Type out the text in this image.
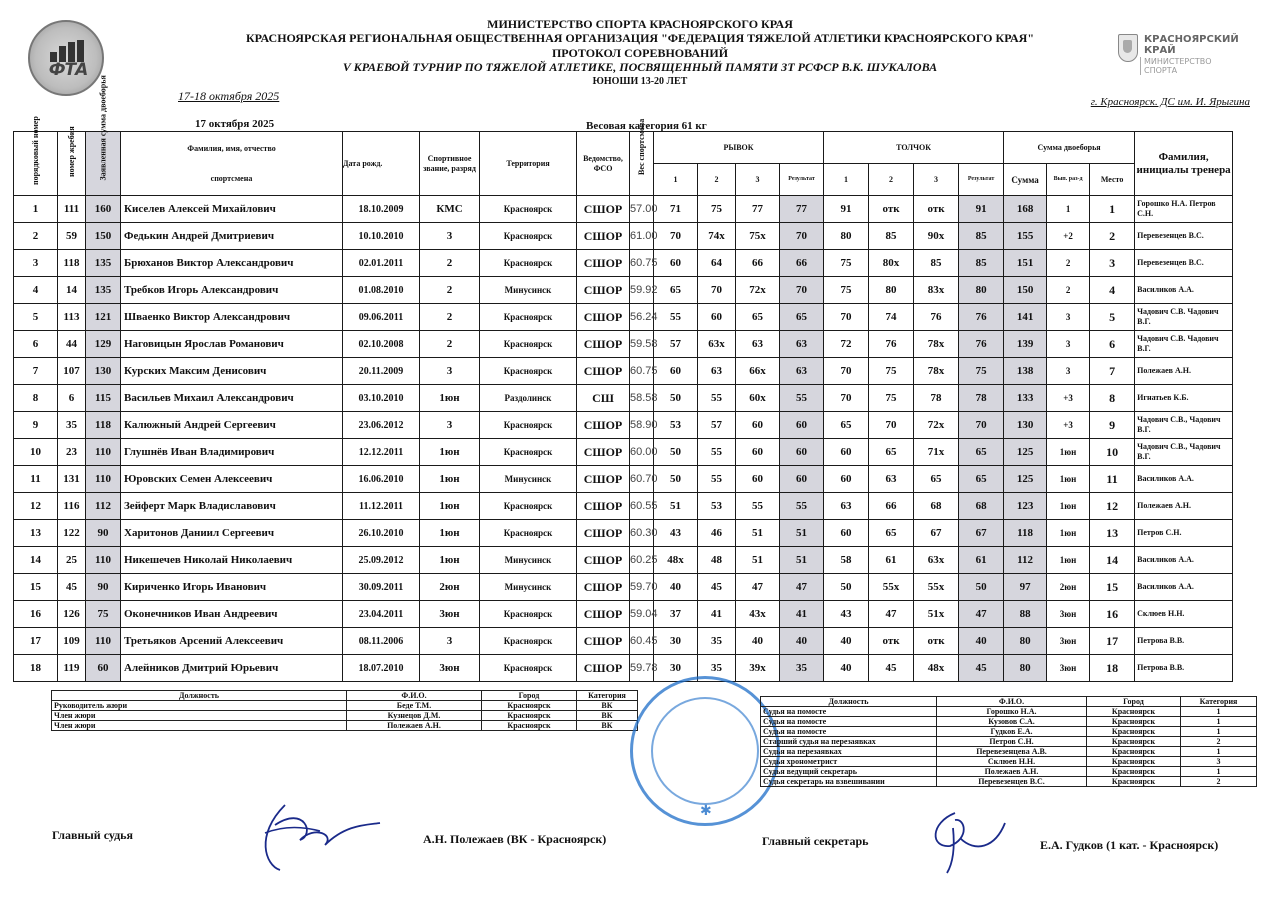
ФТА
КРАСНОЯРСКИЙ
КРАЙ
МИНИСТЕРСТВО
СПОРТА
МИНИСТЕРСТВО СПОРТА КРАСНОЯРСКОГО КРАЯ
КРАСНОЯРСКАЯ РЕГИОНАЛЬНАЯ ОБЩЕСТВЕННАЯ ОРГАНИЗАЦИЯ "ФЕДЕРАЦИЯ ТЯЖЕЛОЙ АТЛЕТИКИ КРАСНОЯРСКОГО КРАЯ"
ПРОТОКОЛ СОРЕВНОВАНИЙ
V КРАЕВОЙ ТУРНИР ПО ТЯЖЕЛОЙ АТЛЕТИКЕ, ПОСВЯЩЕННЫЙ ПАМЯТИ ЗТ РСФСР В.К. ШУКАЛОВА
ЮНОШИ 13-20 ЛЕТ
17-18 октября 2025	г. Красноярск. ДС им. И. Ярыгина
17 октября 2025	Весовая категория 61 кг
порядковый номер	номер жребия	Заявленная сумма двоеборья	Фамилия, имя, отчество

спортсмена	Дата рожд.	Спортивное звание, разряд	Территория	Ведомство, ФСО	Вес спортсмена	РЫВОК				ТОЛЧОК				Сумма двоеборья			Фамилия, инициалы тренера
									1	2	3	Результат	1	2	3	Результат	Сумма	Вып. раз-д	Место	
1	111	160	Киселев Алексей Михайлович	18.10.2009	КМС	Красноярск	СШОР	57.00	71	75	77	77	91	отк	отк	91	168	1	1	Горошко Н.А. Петров С.Н.
2	59	150	Федькин Андрей Дмитриевич	10.10.2010	3	Красноярск	СШОР	61.00	70	74х	75х	70	80	85	90х	85	155	+2	2	Перевезенцев В.С.
3	118	135	Брюханов Виктор Александрович	02.01.2011	2	Красноярск	СШОР	60.75	60	64	66	66	75	80х	85	85	151	2	3	Перевезенцев В.С.
4	14	135	Требков Игорь Александрович	01.08.2010	2	Минусинск	СШОР	59.92	65	70	72х	70	75	80	83х	80	150	2	4	Василиков А.А.
5	113	121	Шваенко Виктор Александрович	09.06.2011	2	Красноярск	СШОР	56.24	55	60	65	65	70	74	76	76	141	3	5	Чадович С.В. Чадович В.Г.
6	44	129	Наговицын Ярослав Романович	02.10.2008	2	Красноярск	СШОР	59.58	57	63х	63	63	72	76	78х	76	139	3	6	Чадович С.В. Чадович В.Г.
7	107	130	Курских Максим Денисович	20.11.2009	3	Красноярск	СШОР	60.75	60	63	66х	63	70	75	78х	75	138	3	7	Полежаев А.Н.
8	6	115	Васильев Михаил Александрович	03.10.2010	1юн	Раздолинск	СШ	58.58	50	55	60х	55	70	75	78	78	133	+3	8	Игнатьев К.Б.
9	35	118	Калюжный Андрей Сергеевич	23.06.2012	3	Красноярск	СШОР	58.90	53	57	60	60	65	70	72х	70	130	+3	9	Чадович С.В., Чадович В.Г.
10	23	110	Глушнёв Иван Владимирович	12.12.2011	1юн	Красноярск	СШОР	60.00	50	55	60	60	60	65	71х	65	125	1юн	10	Чадович С.В., Чадович В.Г.
11	131	110	Юровских Семен Алексеевич	16.06.2010	1юн	Минусинск	СШОР	60.70	50	55	60	60	60	63	65	65	125	1юн	11	Василиков А.А.
12	116	112	Зейферт Марк Владиславович	11.12.2011	1юн	Красноярск	СШОР	60.55	51	53	55	55	63	66	68	68	123	1юн	12	Полежаев А.Н.
13	122	90	Харитонов Даниил Сергеевич	26.10.2010	1юн	Красноярск	СШОР	60.30	43	46	51	51	60	65	67	67	118	1юн	13	Петров С.Н.
14	25	110	Никешечев Николай Николаевич	25.09.2012	1юн	Минусинск	СШОР	60.25	48х	48	51	51	58	61	63х	61	112	1юн	14	Василиков А.А.
15	45	90	Кириченко Игорь Иванович	30.09.2011	2юн	Минусинск	СШОР	59.70	40	45	47	47	50	55х	55х	50	97	2юн	15	Василиков А.А.
16	126	75	Оконечников Иван Андреевич	23.04.2011	3юн	Красноярск	СШОР	59.04	37	41	43х	41	43	47	51х	47	88	3юн	16	Склюев Н.Н.
17	109	110	Третьяков Арсений Алексеевич	08.11.2006	3	Красноярск	СШОР	60.45	30	35	40	40	40	отк	отк	40	80	3юн	17	Петрова В.В.
18	119	60	Алейников Дмитрий Юрьевич	18.07.2010	3юн	Красноярск	СШОР	59.78	30	35	39х	35	40	45	48х	45	80	3юн	18	Петрова В.В.
Должность	Ф.И.О.	Город	Категория
Руководитель жюри	Беде Т.М.	Красноярск	ВК
Член жюри	Кузнецов Д.М.	Красноярск	ВК
Член жюри	Полежаев А.Н.	Красноярск	ВК
✱
Должность	Ф.И.О.	Город	Категория
Судья на помосте	Горошко Н.А.	Красноярск	1
Судья на помосте	Кузовов С.А.	Красноярск	1
Судья на помосте	Гудков Е.А.	Красноярск	1
Старший судья на перезаявках	Петров С.Н.	Красноярск	2
Судья на перезаявках	Перевезенцева А.В.	Красноярск	1
Судья хронометрист	Склюев Н.Н.	Красноярск	3
Судья ведущий секретарь	Полежаев А.Н.	Красноярск	1
Судья секретарь на взвешивании	Перевезенцев В.С.	Красноярск	2
Главный судья	А.Н. Полежаев (ВК - Красноярск)	Главный секретарь	Е.А. Гудков (1 кат. - Красноярск)
